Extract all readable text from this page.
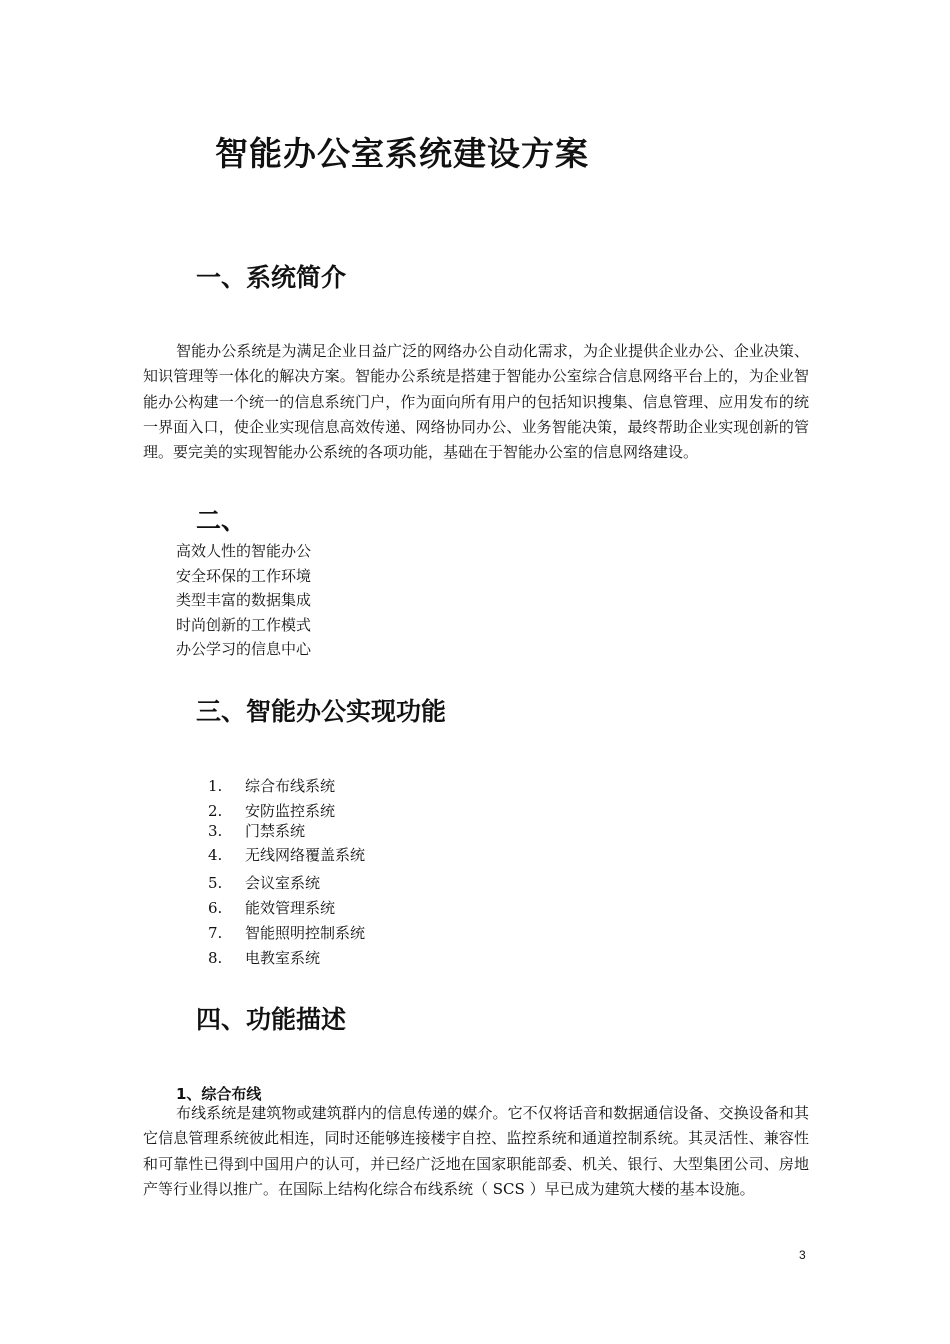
智能办公室系统建设方案
一、系统简介

智能办公系统是为满足企业日益广泛的网络办公自动化需求，为企业提供企业办公、企业决策、知识管理等一体化的解决方案。智能办公系统是搭建于智能办公室综合信息网络平台上的，为企业智能办公构建一个统一的信息系统门户，作为面向所有用户的包括知识搜集、信息管理、应用发布的统一界面入口，使企业实现信息高效传递、网络协同办公、业务智能决策，最终帮助企业实现创新的管理。要完美的实现智能办公系统的各项功能，基础在于智能办公室的信息网络建设。

二、
高效人性的智能办公
安全环保的工作环境
类型丰富的数据集成
时尚创新的工作模式
办公学习的信息中心
三、智能办公实现功能
1. 综合布线系统
2. 安防监控系统
3. 门禁系统
4. 无线网络覆盖系统
5. 会议室系统
6. 能效管理系统
7. 智能照明控制系统
8. 电教室系统
四、功能描述
1、综合布线

布线系统是建筑物或建筑群内的信息传递的媒介。它不仅将话音和数据通信设备、交换设备和其它信息管理系统彼此相连，同时还能够连接楼宇自控、监控系统和通道控制系统。其灵活性、兼容性和可靠性已得到中国用户的认可，并已经广泛地在国家职能部委、机关、银行、大型集团公司、房地产等行业得以推广。在国际上结构化综合布线系统（ SCS ）早已成为建筑大楼的基本设施。

3
